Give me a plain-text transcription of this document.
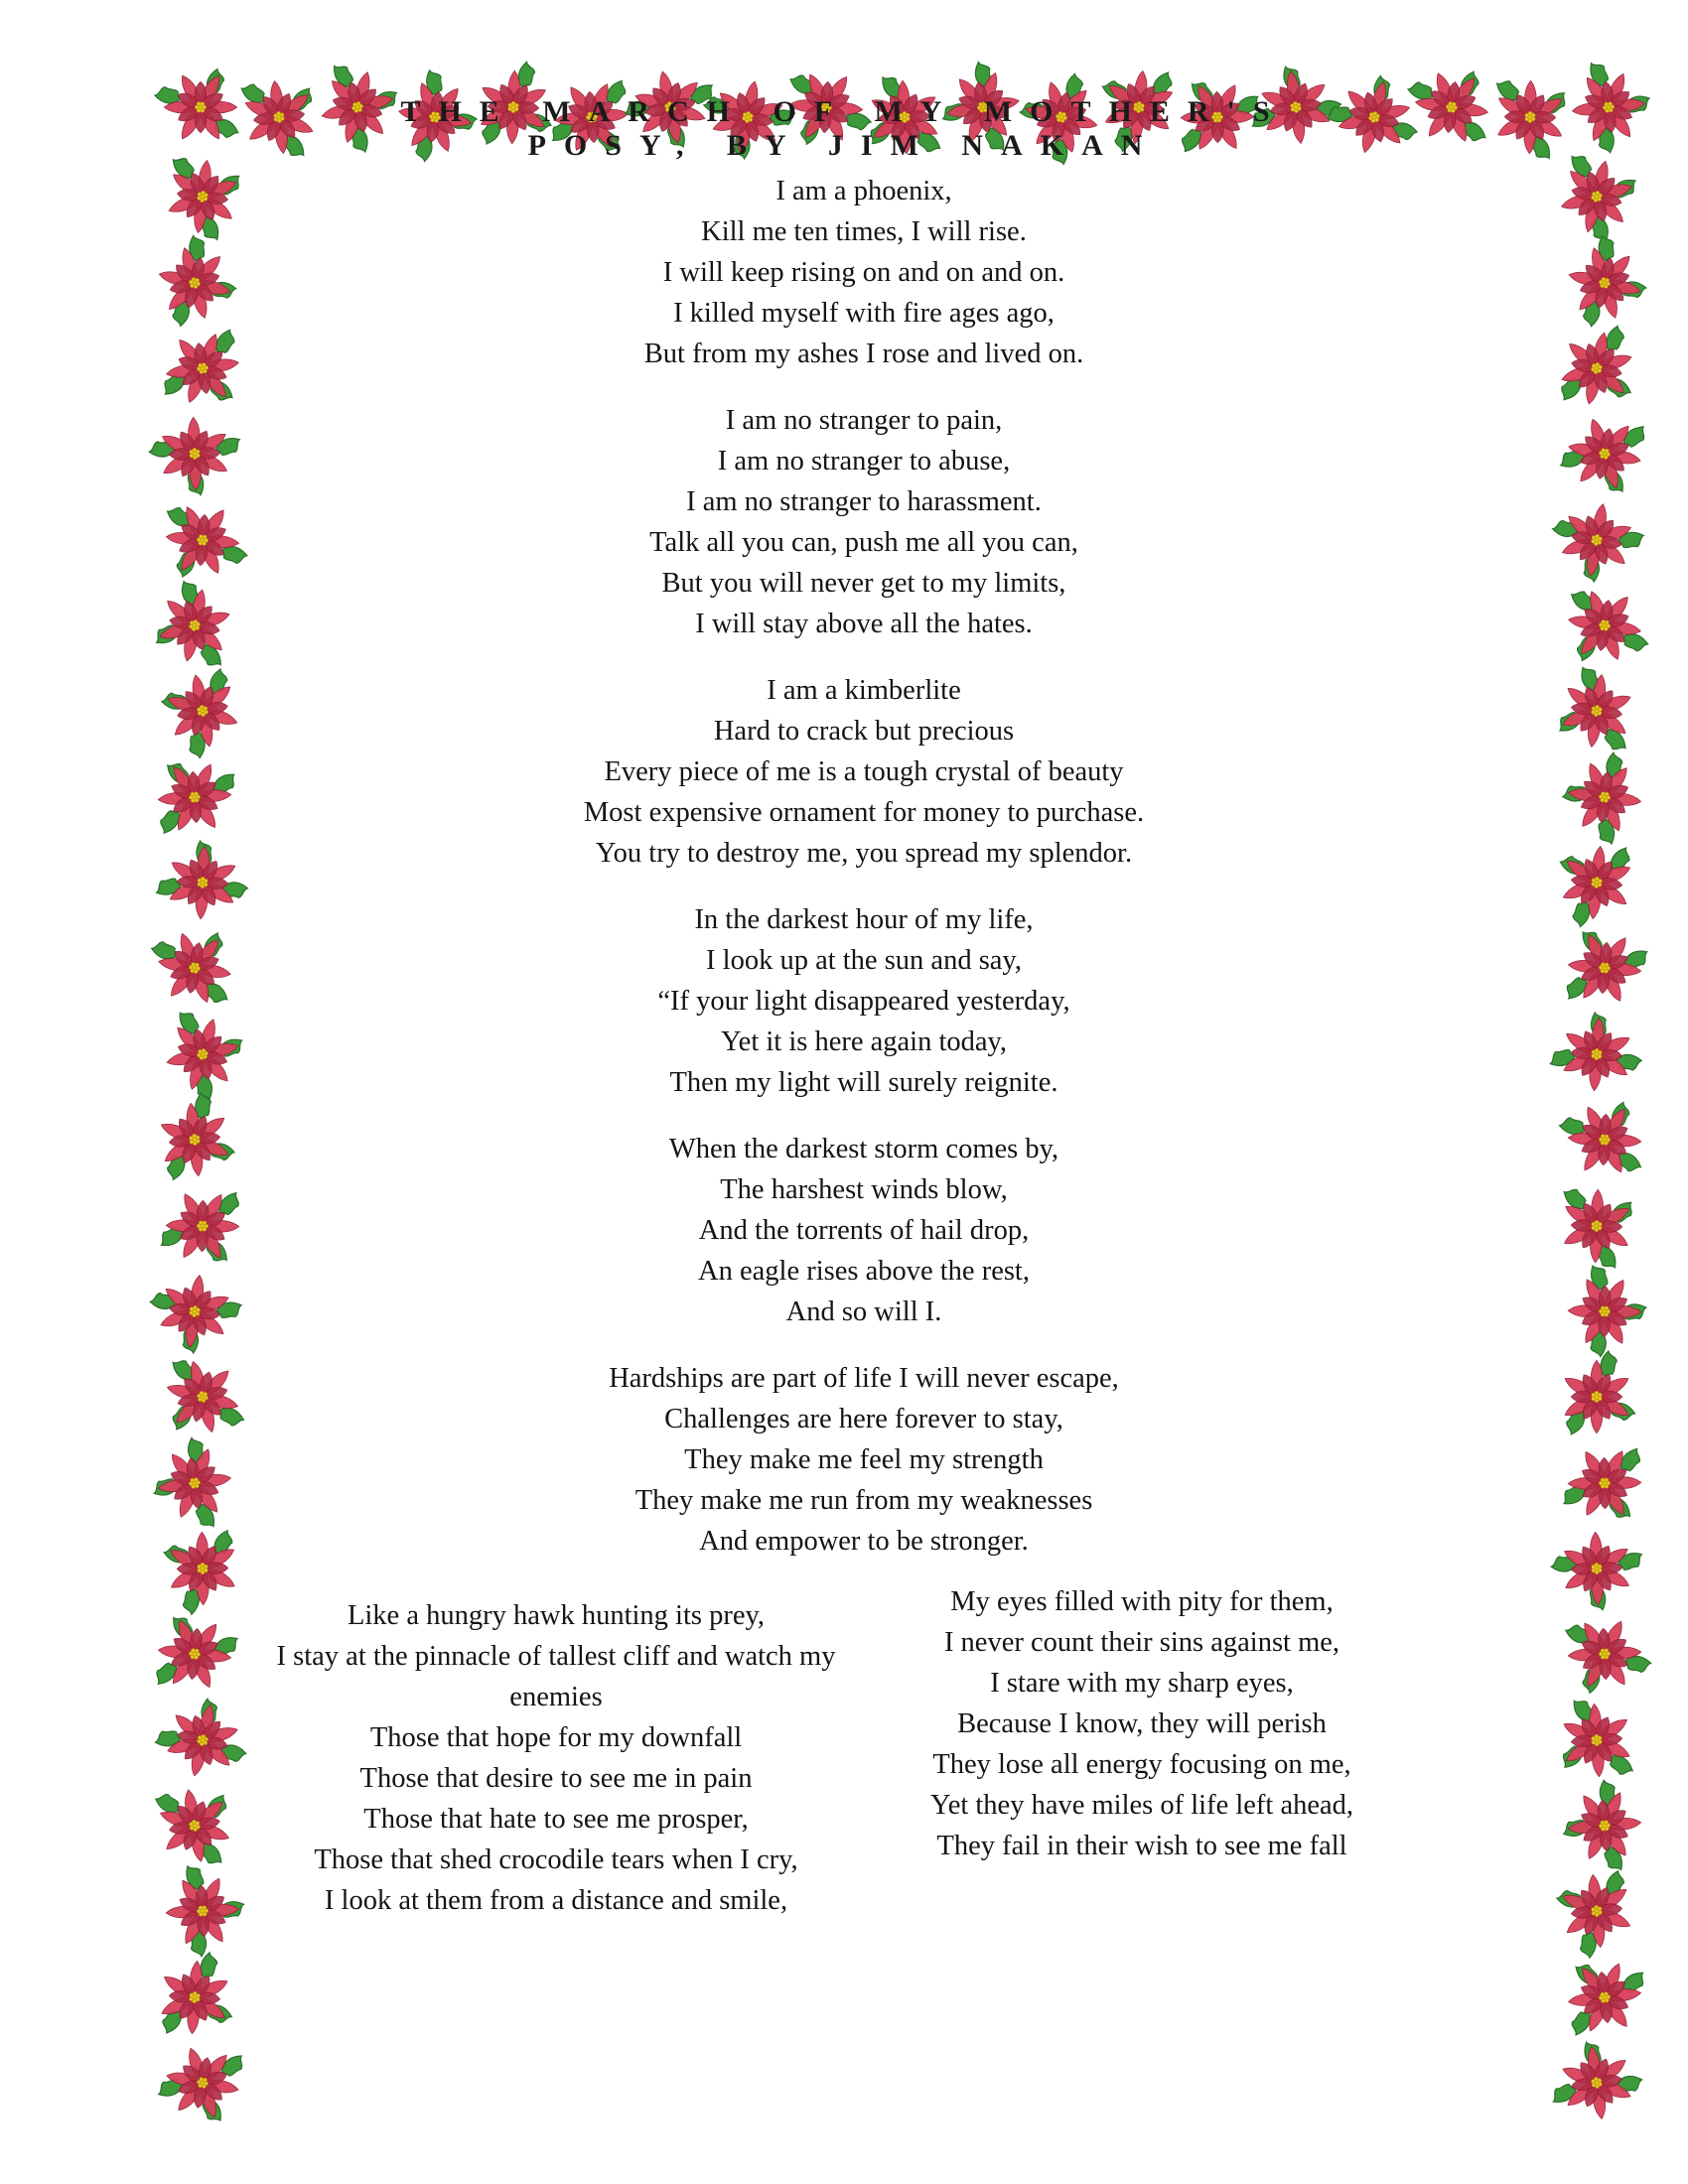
THE MARCH OF MY MOTHER'S POSY, BY JIM NAKAN
I am a phoenix,
Kill me ten times, I will rise.
I will keep rising on and on and on.
I killed myself with fire ages ago,
But from my ashes I rose and lived on.
I am no stranger to pain,
I am no stranger to abuse,
I am no stranger to harassment.
Talk all you can, push me all you can,
But you will never get to my limits,
I will stay above all the hates.
I am a kimberlite
Hard to crack but precious
Every piece of me is a tough crystal of beauty
Most expensive ornament for money to purchase.
You try to destroy me, you spread my splendor.
In the darkest hour of my life,
I look up at the sun and say,
“If your light disappeared yesterday,
Yet it is here again today,
Then my light will surely reignite.
When the darkest storm comes by,
The harshest winds blow,
And the torrents of hail drop,
An eagle rises above the rest,
And so will I.
Hardships are part of life I will never escape,
Challenges are here forever to stay,
They make me feel my strength
They make me run from my weaknesses
And empower to be stronger.
Like a hungry hawk hunting its prey,
I stay at the pinnacle of tallest cliff and watch my enemies
Those that hope for my downfall
Those that desire to see me in pain
Those that hate to see me prosper,
Those that shed crocodile tears when I cry,
I look at them from a distance and smile,
My eyes filled with pity for them,
I never count their sins against me,
I stare with my sharp eyes,
Because I know, they will perish
They lose all energy focusing on me,
Yet they have miles of life left ahead,
They fail in their wish to see me fall
